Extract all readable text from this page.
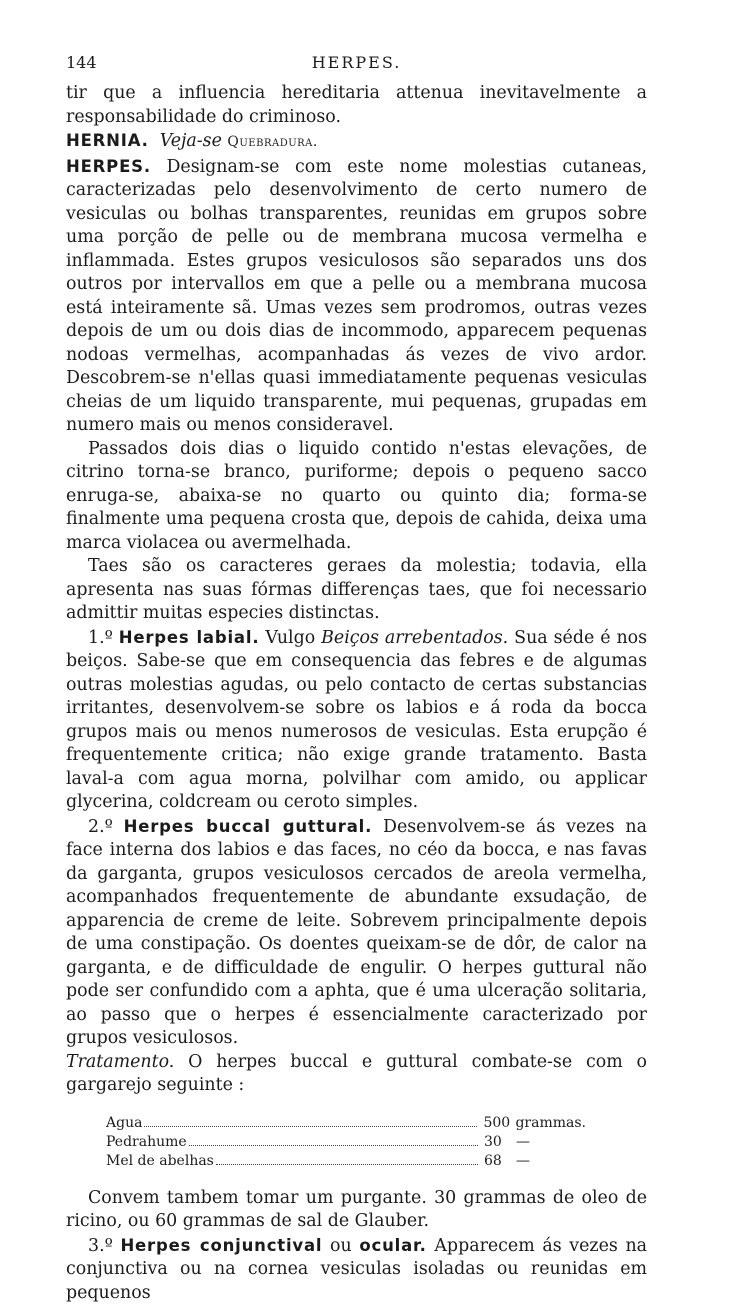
144	HERPES.

tir que a influencia hereditaria attenua inevitavelmente a responsabilidade do criminoso.

HERNIA. Veja-se Quebradura.

HERPES. Designam-se com este nome molestias cutaneas, caracterizadas pelo desenvolvimento de certo numero de vesiculas ou bolhas transparentes, reunidas em grupos sobre uma porção de pelle ou de membrana mucosa vermelha e inflammada. Estes grupos vesiculosos são separados uns dos outros por intervallos em que a pelle ou a membrana mucosa está inteiramente sã. Umas vezes sem prodromos, outras vezes depois de um ou dois dias de incommodo, apparecem pequenas nodoas vermelhas, acompanhadas ás vezes de vivo ardor. Descobrem-se n'ellas quasi immediatamente pequenas vesiculas cheias de um liquido transparente, mui pequenas, grupadas em numero mais ou menos consideravel.

Passados dois dias o liquido contido n'estas elevações, de citrino torna-se branco, puriforme; depois o pequeno sacco enruga-se, abaixa-se no quarto ou quinto dia; forma-se finalmente uma pequena crosta que, depois de cahida, deixa uma marca violacea ou avermelhada.

Taes são os caracteres geraes da molestia; todavia, ella apresenta nas suas fórmas differenças taes, que foi necessario admittir muitas especies distinctas.

1.º Herpes labial. Vulgo Beiços arrebentados. Sua séde é nos beiços. Sabe-se que em consequencia das febres e de algumas outras molestias agudas, ou pelo contacto de certas substancias irritantes, desenvolvem-se sobre os labios e á roda da bocca grupos mais ou menos numerosos de vesiculas. Esta erupção é frequentemente critica; não exige grande tratamento. Basta laval-a com agua morna, polvilhar com amido, ou applicar glycerina, coldcream ou ceroto simples.

2.º Herpes buccal guttural. Desenvolvem-se ás vezes na face interna dos labios e das faces, no céo da bocca, e nas favas da garganta, grupos vesiculosos cercados de areola vermelha, acompanhados frequentemente de abundante exsudação, de apparencia de creme de leite. Sobrevem principalmente depois de uma constipação. Os doentes queixam-se de dôr, de calor na garganta, e de difficuldade de engulir. O herpes guttural não pode ser confundido com a aphta, que é uma ulceração solitaria, ao passo que o herpes é essencialmente caracterizado por grupos vesiculosos.

Tratamento. O herpes buccal e guttural combate-se com o gargarejo seguinte :

Agua	500 grammas.
Pedrahume	30	—
Mel de abelhas	68	—

Convem tambem tomar um purgante. 30 grammas de oleo de ricino, ou 60 grammas de sal de Glauber.

3.º Herpes conjunctival ou ocular. Apparecem ás vezes na conjunctiva ou na cornea vesiculas isoladas ou reunidas em pequenos
